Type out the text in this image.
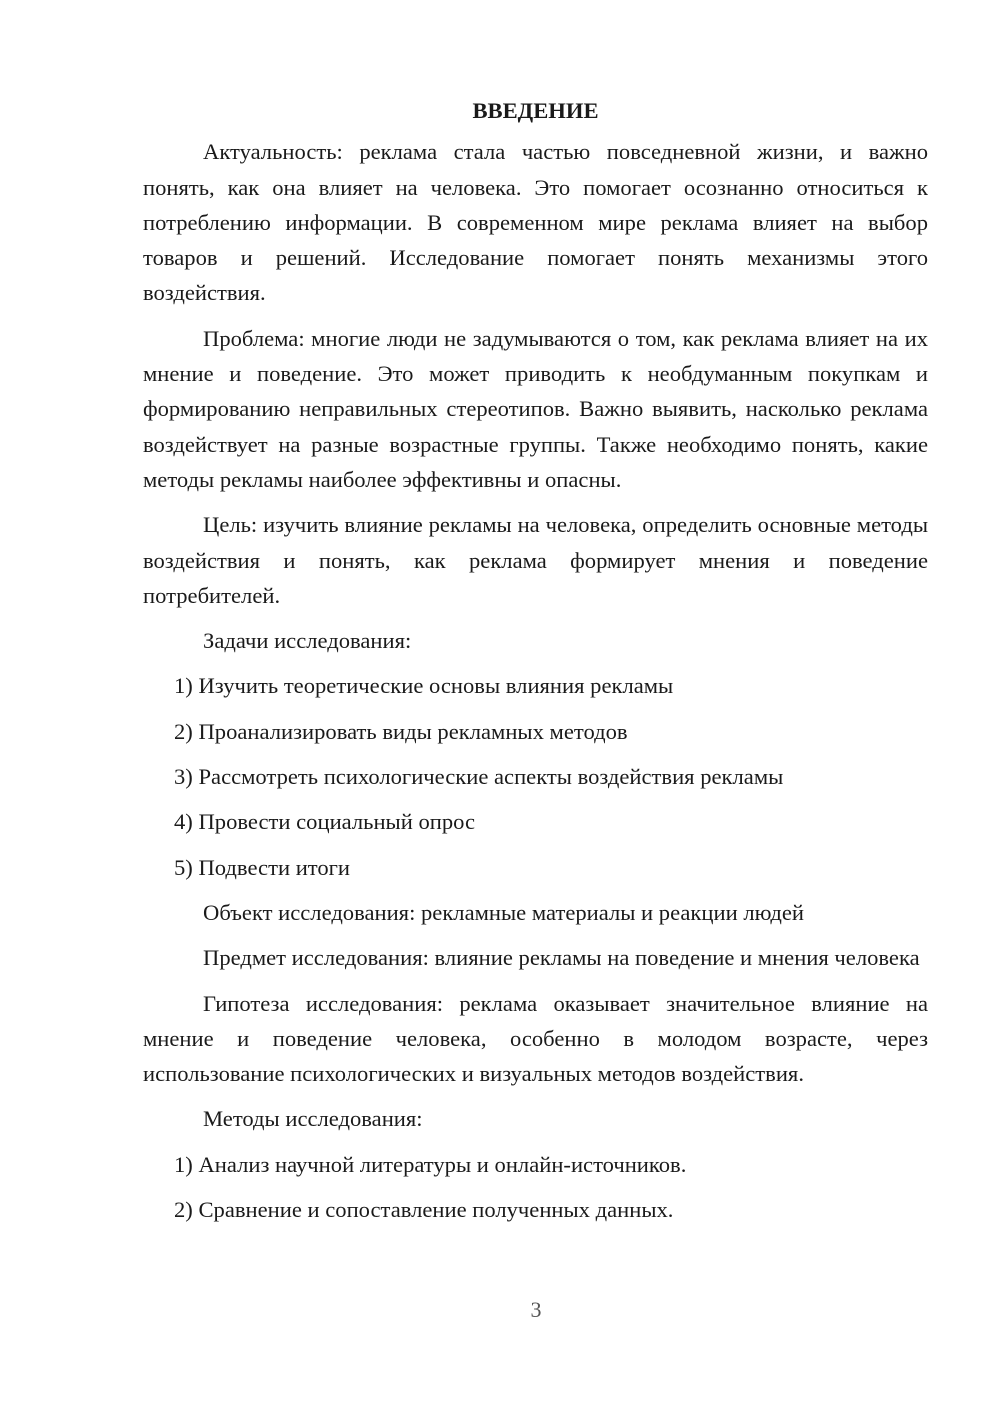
ВВЕДЕНИЕ

Актуальность: реклама стала частью повседневной жизни, и важно понять, как она влияет на человека. Это помогает осознанно относиться к потреблению информации. В современном мире реклама влияет на выбор товаров и решений. Исследование помогает понять механизмы этого воздействия.

Проблема: многие люди не задумываются о том, как реклама влияет на их мнение и поведение. Это может приводить к необдуманным покупкам и формированию неправильных стереотипов. Важно выявить, насколько реклама воздействует на разные возрастные группы. Также необходимо понять, какие методы рекламы наиболее эффективны и опасны.

Цель: изучить влияние рекламы на человека, определить основные методы воздействия и понять, как реклама формирует мнения и поведение потребителей.

Задачи исследования:

1) Изучить теоретические основы влияния рекламы

2) Проанализировать виды рекламных методов

3) Рассмотреть психологические аспекты воздействия рекламы

4) Провести социальный опрос

5) Подвести итоги

Объект исследования: рекламные материалы и реакции людей

Предмет исследования: влияние рекламы на поведение и мнения человека

Гипотеза исследования: реклама оказывает значительное влияние на мнение и поведение человека, особенно в молодом возрасте, через использование психологических и визуальных методов воздействия.

Методы исследования:

1) Анализ научной литературы и онлайн-источников.

2) Сравнение и сопоставление полученных данных.

3
